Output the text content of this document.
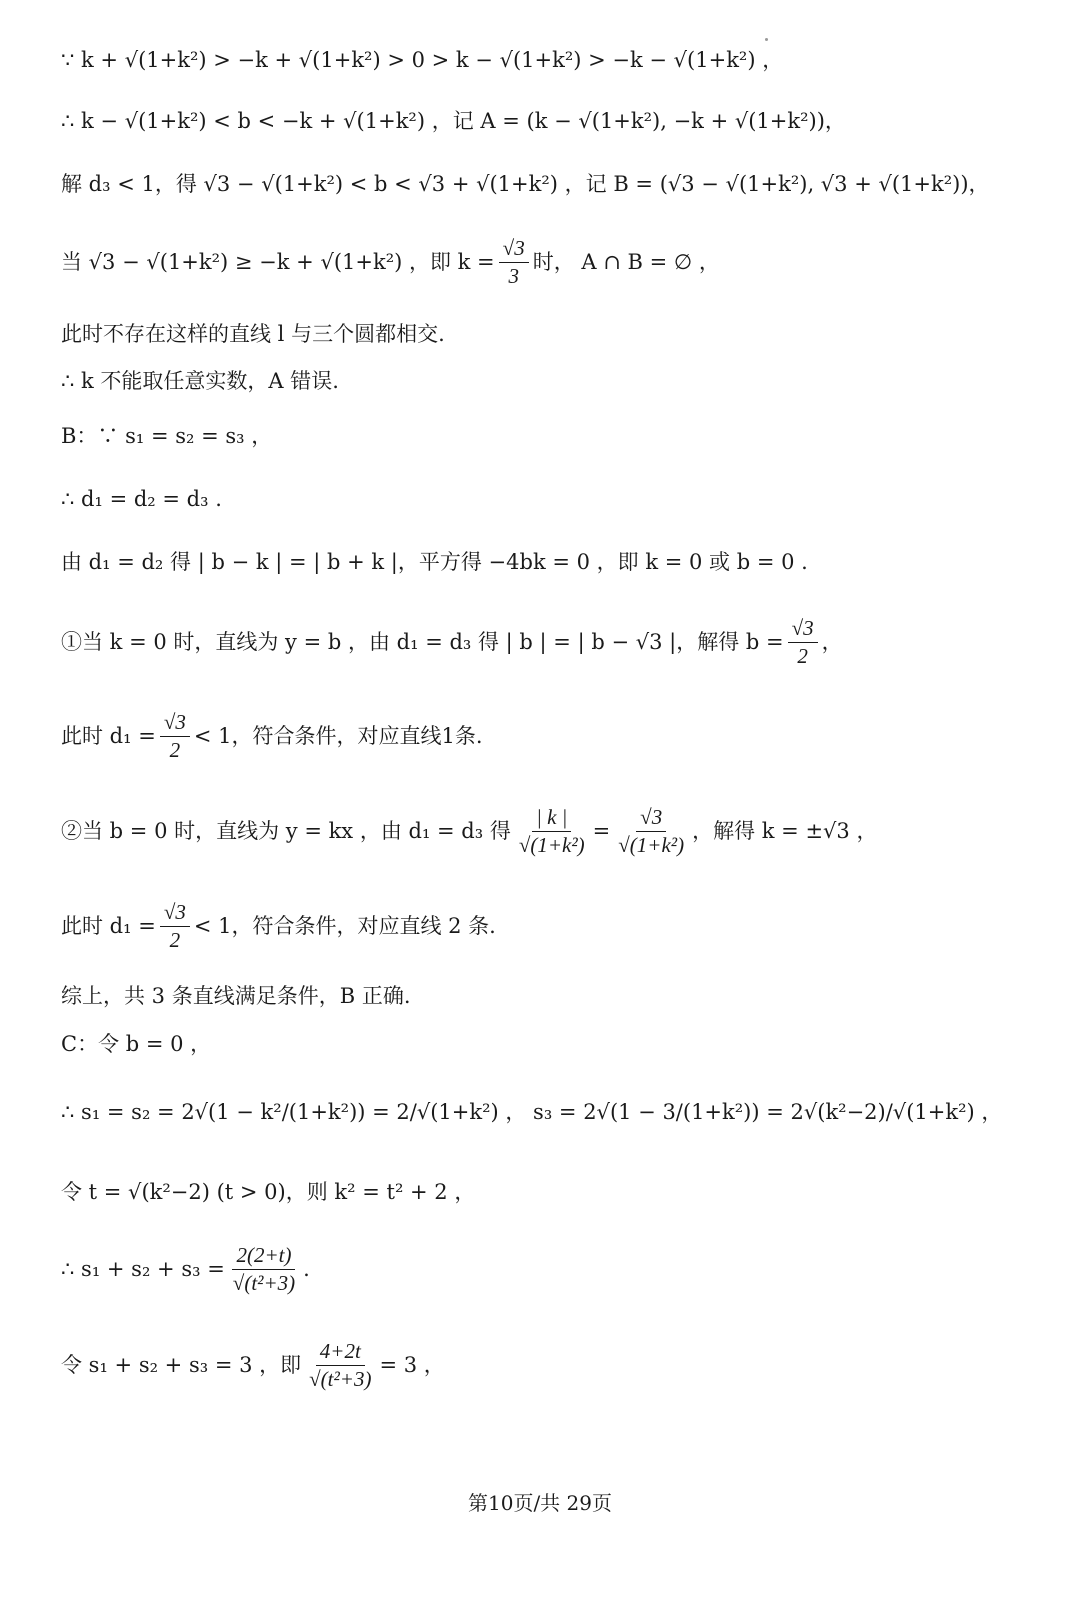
∵ k + √(1+k²) > −k + √(1+k²) > 0 > k − √(1+k²) > −k − √(1+k²) ，
∴ k − √(1+k²) < b < −k + √(1+k²) ，记 A = (k − √(1+k²), −k + √(1+k²))，
解 d₃ < 1，得 √3 − √(1+k²) < b < √3 + √(1+k²) ，记 B = (√3 − √(1+k²), √3 + √(1+k²))，
当 √3 − √(1+k²) ≥ −k + √(1+k²) ，即 $k = \frac{√3}{3}$ 时， A ∩ B = ∅ ，
此时不存在这样的直线 l 与三个圆都相交.
∴ k 不能取任意实数，A 错误.
B：∵ s₁ = s₂ = s₃ ，
∴ d₁ = d₂ = d₃ .
由 d₁ = d₂ 得 | b − k | = | b + k |，平方得 −4bk = 0 ，即 k = 0 或 b = 0 .
①当 k = 0 时，直线为 y = b ，由 d₁ = d₃ 得 | b | = | b − √3 |，解得 $b = \frac{√3}{2}$ ，
此时 $d_1 = \frac{√3}{2} < 1$，符合条件，对应直线1条.
②当 b = 0 时，直线为 y = kx ，由 d₁ = d₃ 得 $\frac{| k |}{\text{√(1+k²)}} = \frac{√3}{\text{√(1+k²)}}$ ，解得 k = ±√3 ，
此时 $d_1 = \frac{√3}{2} < 1$，符合条件，对应直线 2 条.
综上，共 3 条直线满足条件，B 正确.
C：令 b = 0 ，
∴ s₁ = s₂ = 2√(1 − k²/(1+k²)) = 2/√(1+k²) ， s₃ = 2√(1 − 3/(1+k²)) = 2√(k²−2)/√(1+k²) ，
令 t = √(k²−2) (t > 0)，则 k² = t² + 2 ，
∴ $s_1 + s_2 + s_3 = \frac{2(2+t)}{\text{√(t²+3)}}$ .
令 s₁ + s₂ + s₃ = 3 ，即 $\frac{4+2t}{\text{√(t²+3)}} = 3$ ，
第10页/共 29页
